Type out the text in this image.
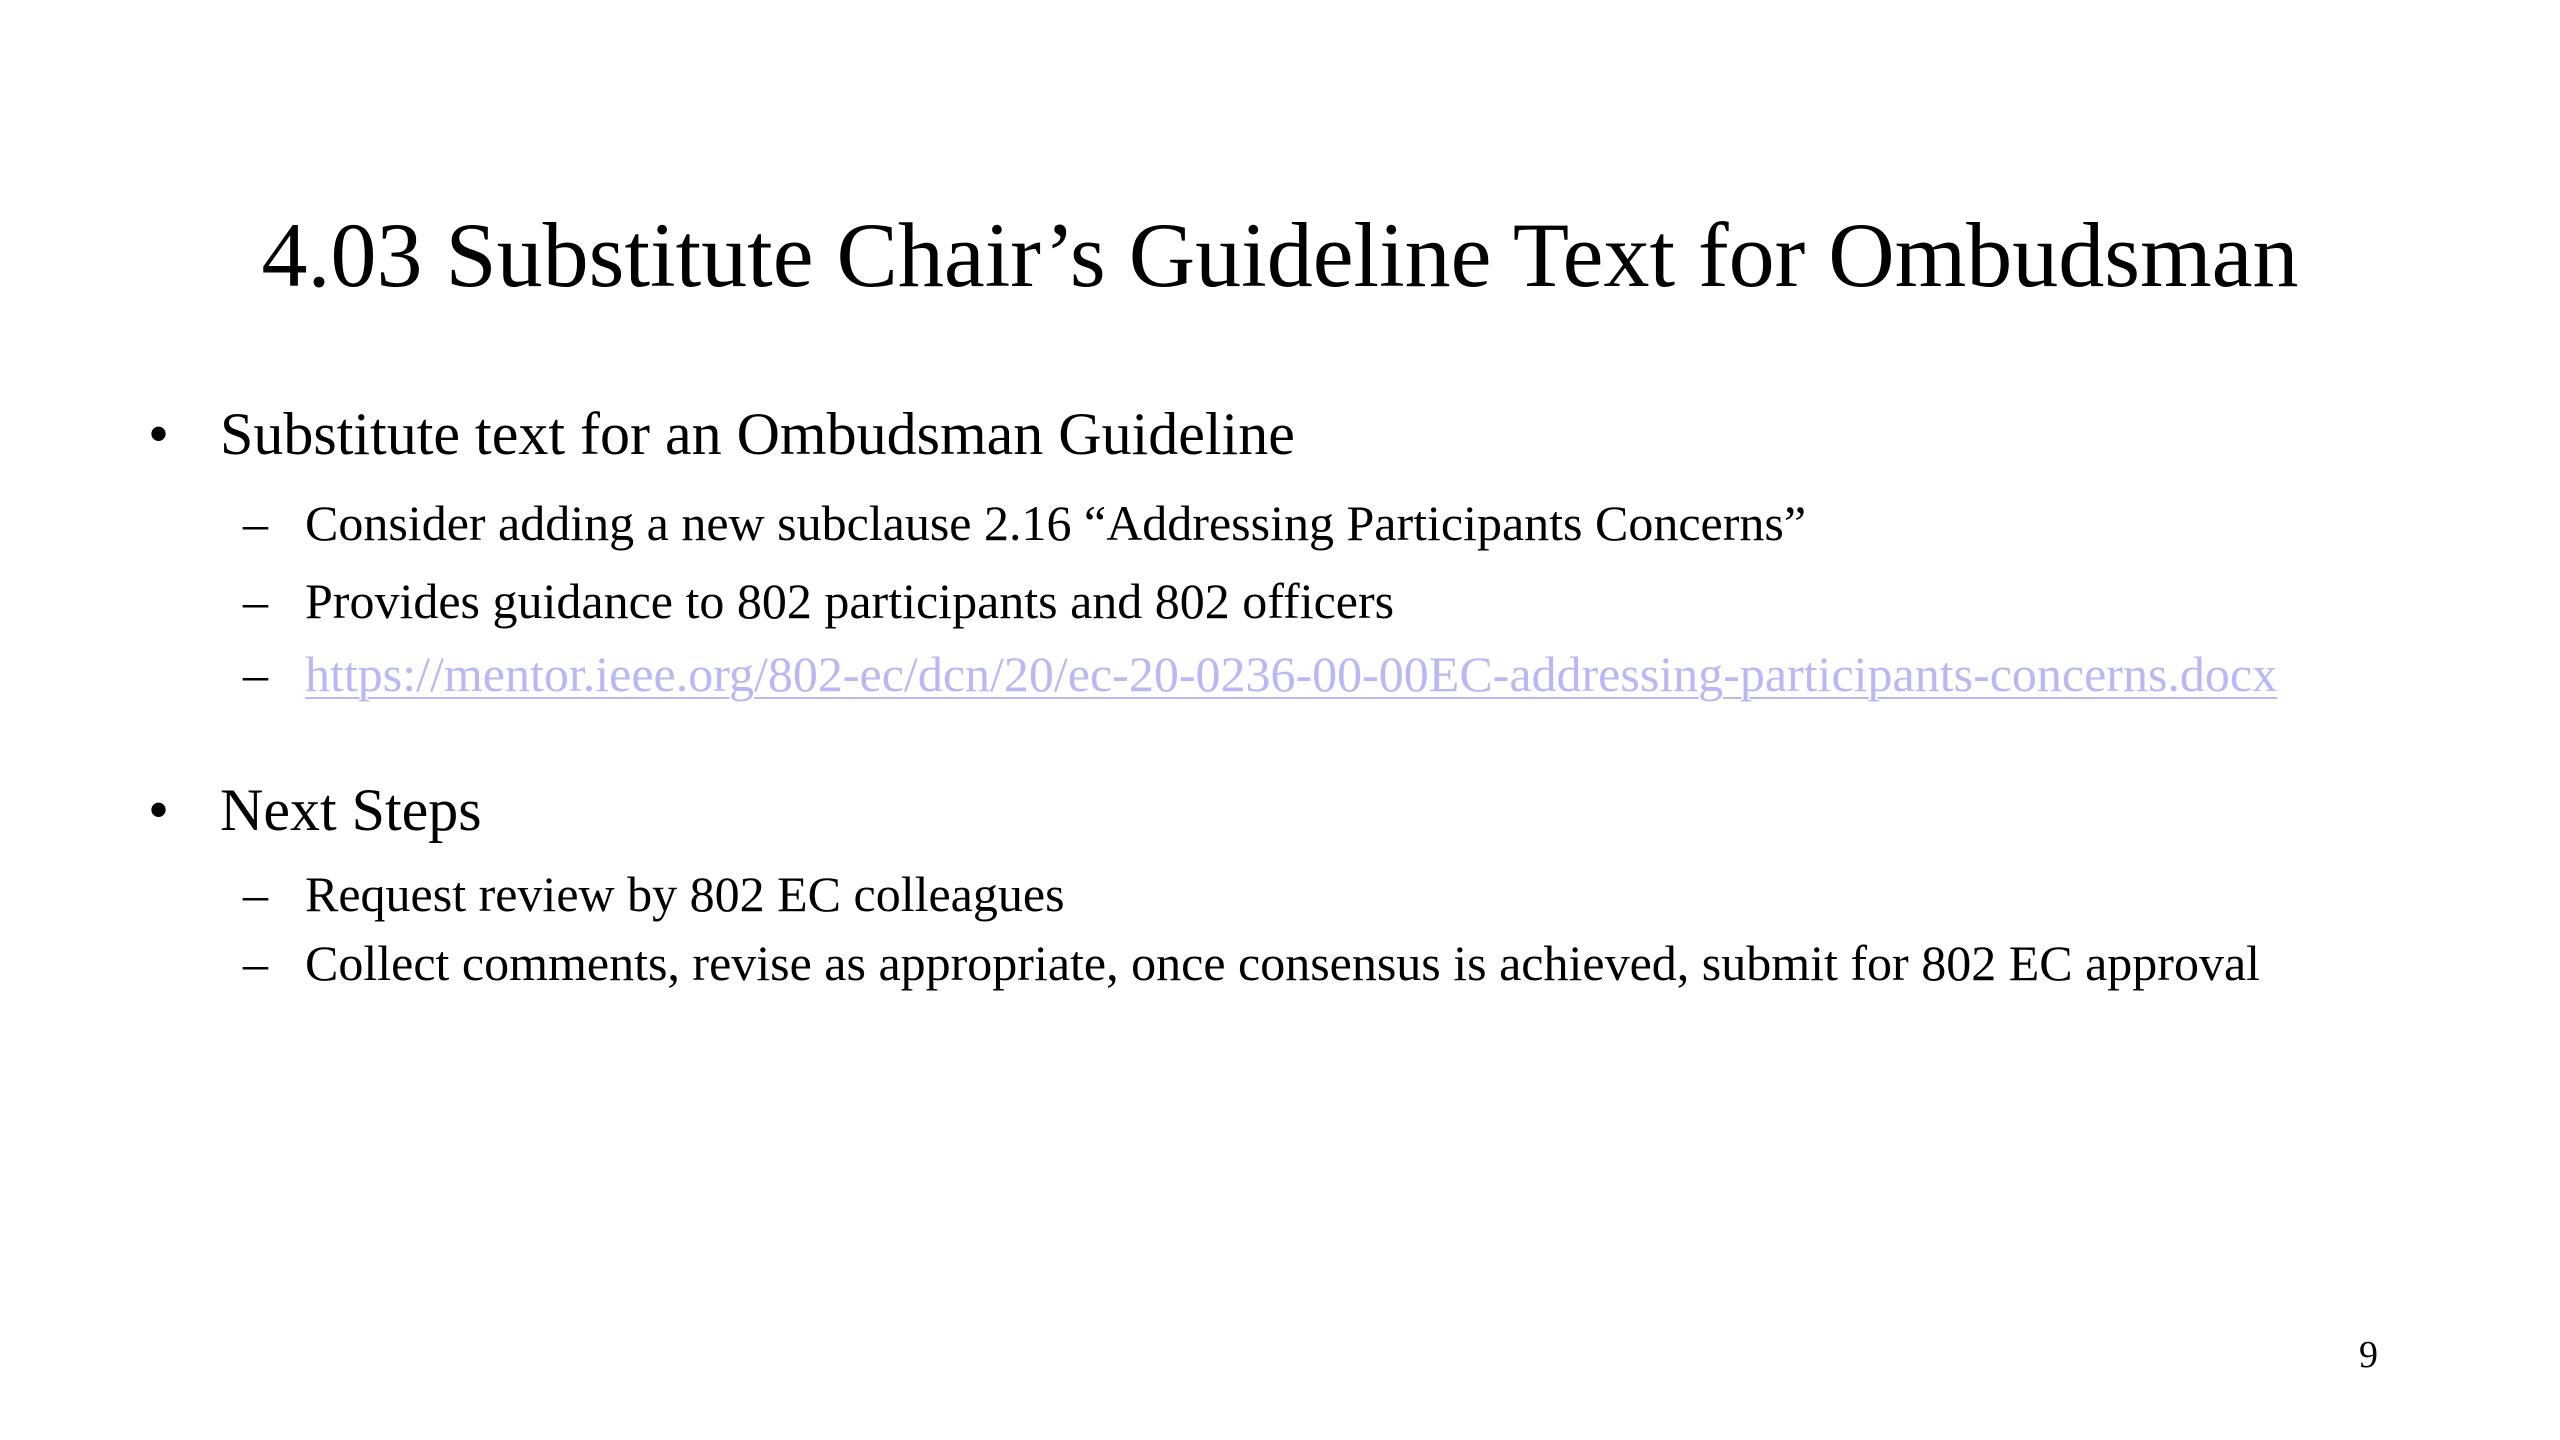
4.03 Substitute Chair’s Guideline Text for Ombudsman
• Substitute text for an Ombudsman Guideline
– Consider adding a new subclause 2.16 “Addressing Participants Concerns”
– Provides guidance to 802 participants and 802 officers
– https://mentor.ieee.org/802-ec/dcn/20/ec-20-0236-00-00EC-addressing-participants-concerns.docx
• Next Steps
– Request review by 802 EC colleagues
– Collect comments, revise as appropriate, once consensus is achieved, submit for 802 EC approval
9
